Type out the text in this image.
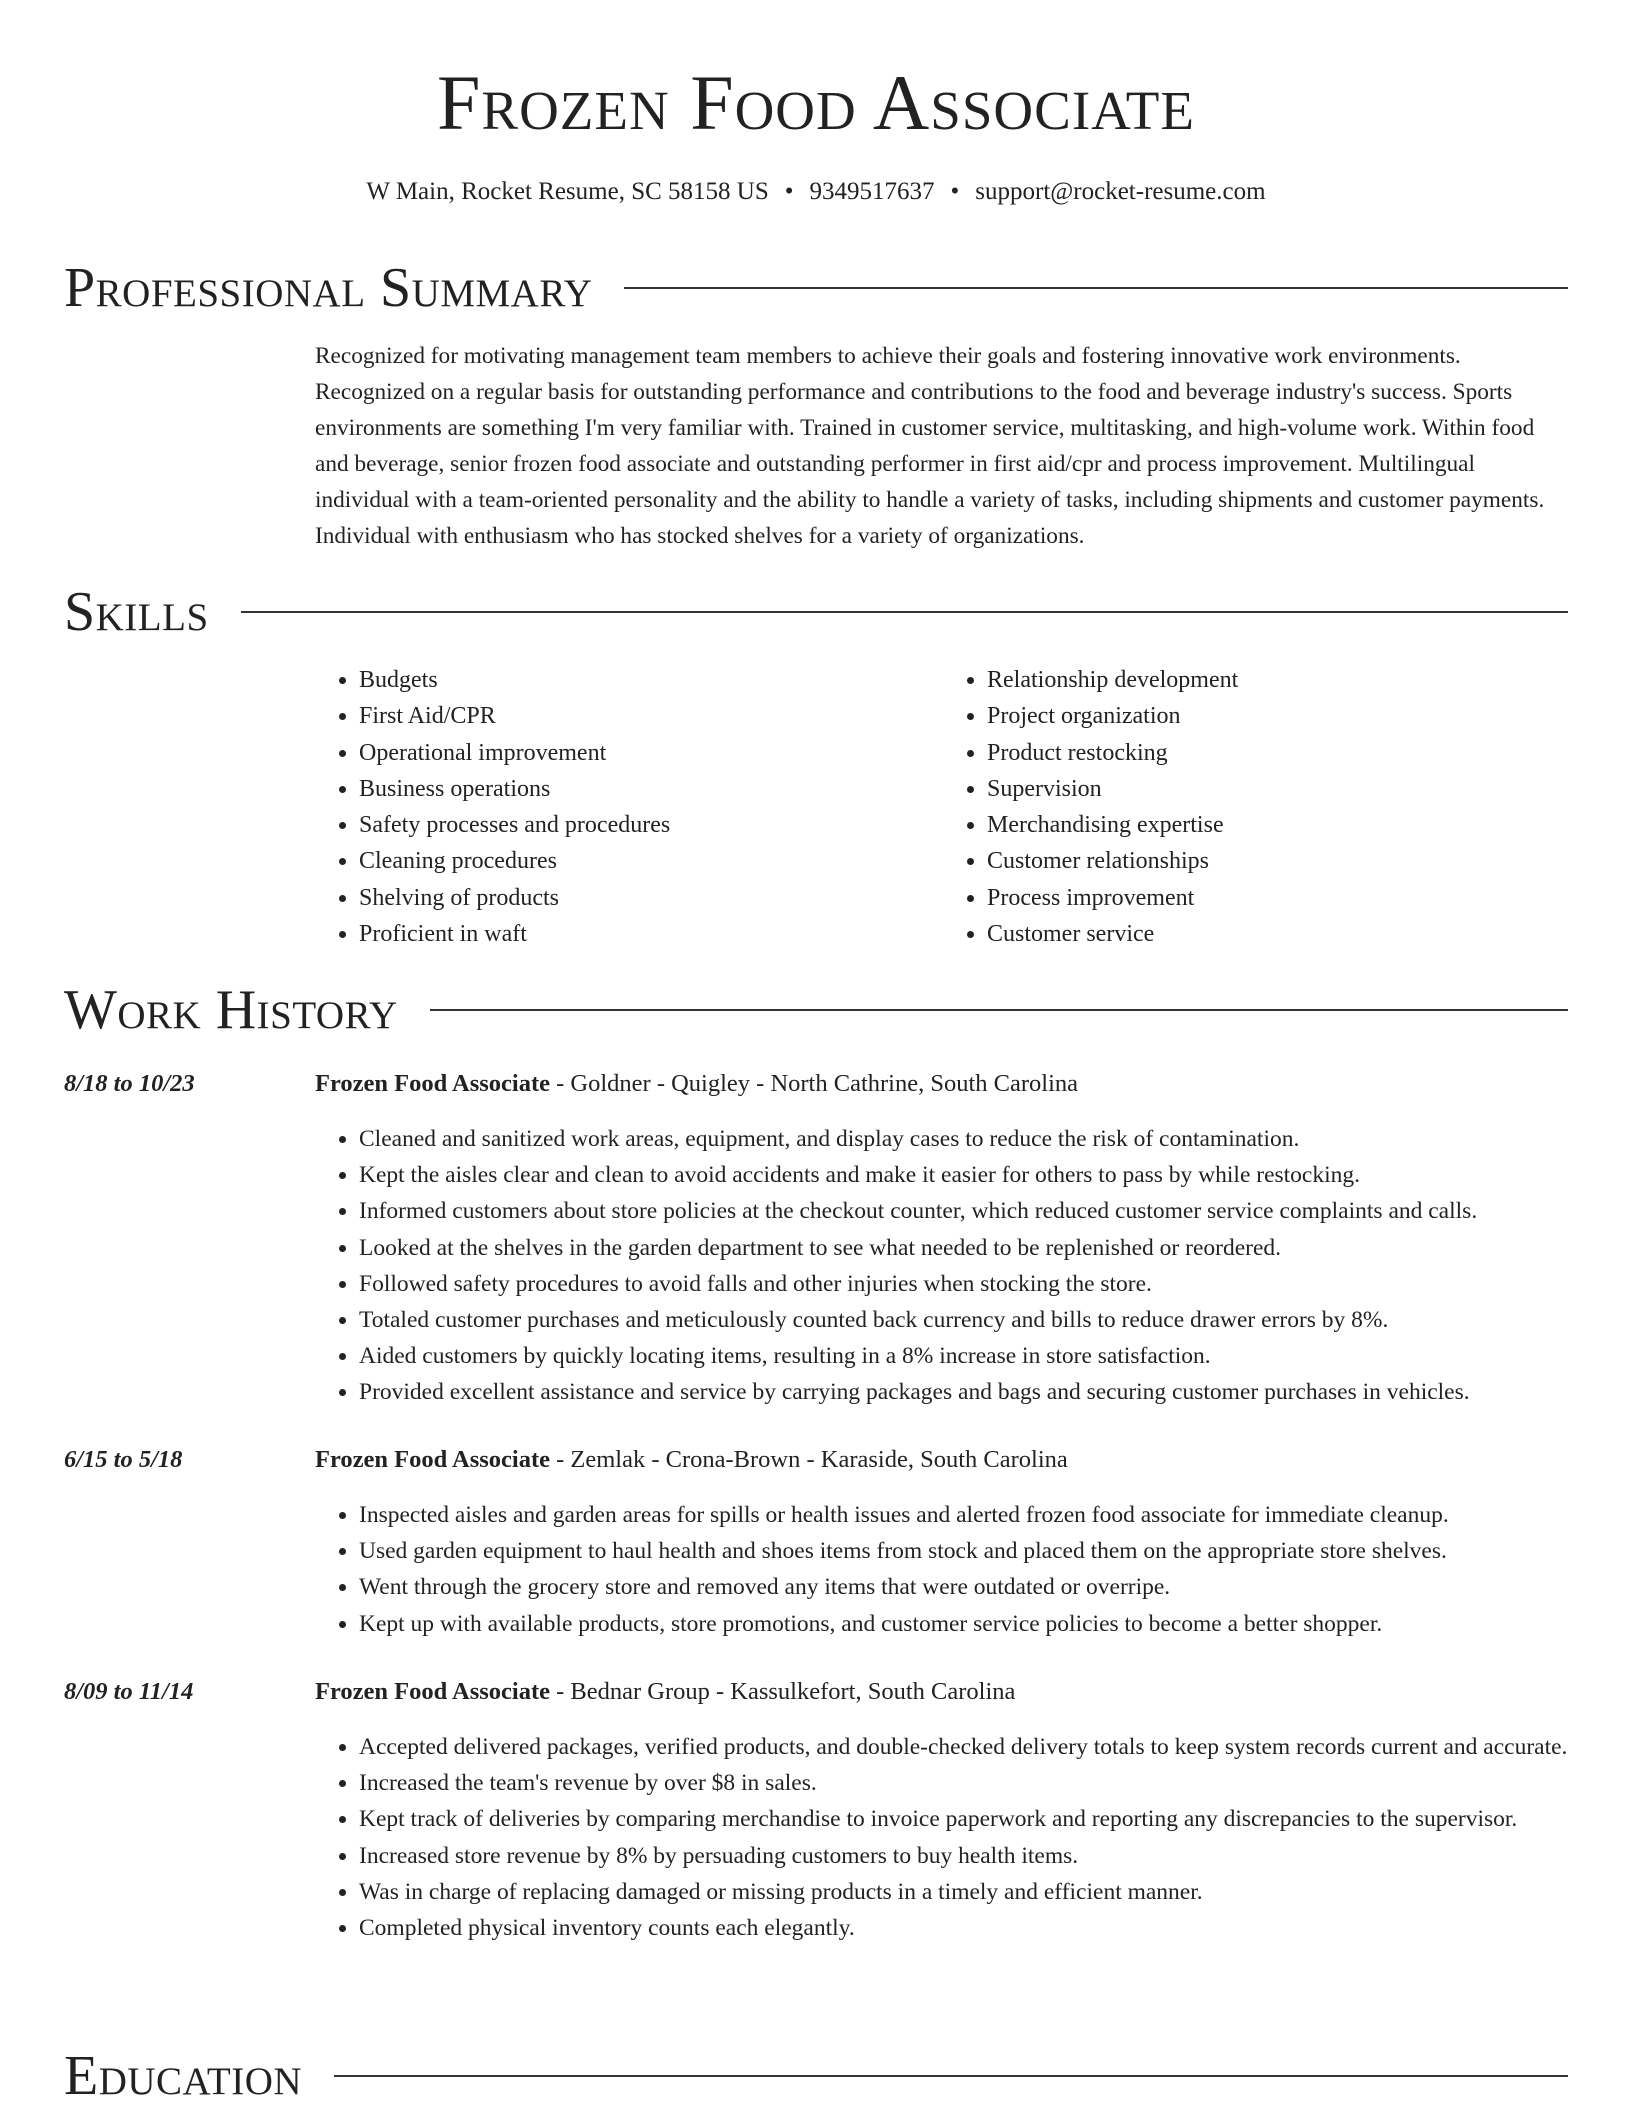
Frozen Food Associate
W Main, Rocket Resume, SC 58158 US • 9349517637 • support@rocket-resume.com
Professional Summary

Recognized for motivating management team members to achieve their goals and fostering innovative work environments. Recognized on a regular basis for outstanding performance and contributions to the food and beverage industry's success. Sports environments are something I'm very familiar with. Trained in customer service, multitasking, and high-volume work. Within food and beverage, senior frozen food associate and outstanding performer in first aid/cpr and process improvement. Multilingual individual with a team-oriented personality and the ability to handle a variety of tasks, including shipments and customer payments. Individual with enthusiasm who has stocked shelves for a variety of organizations.

Skills
• Budgets
• First Aid/CPR
• Operational improvement
• Business operations
• Safety processes and procedures
• Cleaning procedures
• Shelving of products
• Proficient in waft
• Relationship development
• Project organization
• Product restocking
• Supervision
• Merchandising expertise
• Customer relationships
• Process improvement
• Customer service
Work History
8/18 to 10/23	Frozen Food Associate - Goldner - Quigley - North Cathrine, South Carolina
• Cleaned and sanitized work areas, equipment, and display cases to reduce the risk of contamination.
• Kept the aisles clear and clean to avoid accidents and make it easier for others to pass by while restocking.
• Informed customers about store policies at the checkout counter, which reduced customer service complaints and calls.
• Looked at the shelves in the garden department to see what needed to be replenished or reordered.
• Followed safety procedures to avoid falls and other injuries when stocking the store.
• Totaled customer purchases and meticulously counted back currency and bills to reduce drawer errors by 8%.
• Aided customers by quickly locating items, resulting in a 8% increase in store satisfaction.
• Provided excellent assistance and service by carrying packages and bags and securing customer purchases in vehicles.
6/15 to 5/18	Frozen Food Associate - Zemlak - Crona-Brown - Karaside, South Carolina
• Inspected aisles and garden areas for spills or health issues and alerted frozen food associate for immediate cleanup.
• Used garden equipment to haul health and shoes items from stock and placed them on the appropriate store shelves.
• Went through the grocery store and removed any items that were outdated or overripe.
• Kept up with available products, store promotions, and customer service policies to become a better shopper.
8/09 to 11/14	Frozen Food Associate - Bednar Group - Kassulkefort, South Carolina
• Accepted delivered packages, verified products, and double-checked delivery totals to keep system records current and accurate.
• Increased the team's revenue by over $8 in sales.
• Kept track of deliveries by comparing merchandise to invoice paperwork and reporting any discrepancies to the supervisor.
• Increased store revenue by 8% by persuading customers to buy health items.
• Was in charge of replacing damaged or missing products in a timely and efficient manner.
• Completed physical inventory counts each elegantly.
Education
